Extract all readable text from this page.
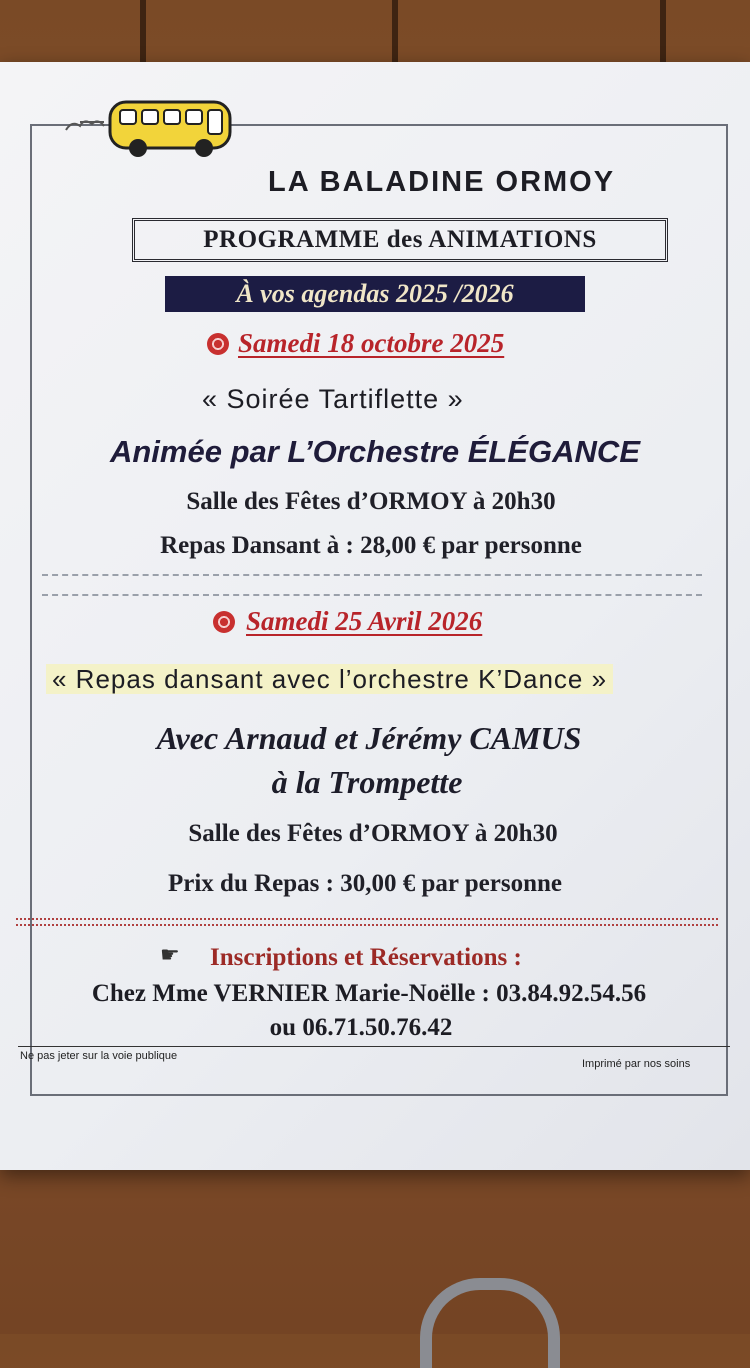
LA BALADINE ORMOY
PROGRAMME des ANIMATIONS
À vos agendas 2025 /2026
Samedi 18 octobre 2025
« Soirée Tartiflette »
Animée par L’Orchestre ÉLÉGANCE
Salle des Fêtes d’ORMOY à 20h30
Repas Dansant à : 28,00 € par personne
Samedi 25 Avril 2026
« Repas dansant avec l’orchestre K’Dance »
Avec Arnaud et Jérémy CAMUS
à la Trompette
Salle des Fêtes d’ORMOY à 20h30
Prix du Repas : 30,00 € par personne
☛ Inscriptions et Réservations :
Chez Mme VERNIER Marie-Noëlle : 03.84.92.54.56
ou 06.71.50.76.42
Ne pas jeter sur la voie publique
Imprimé par nos soins
